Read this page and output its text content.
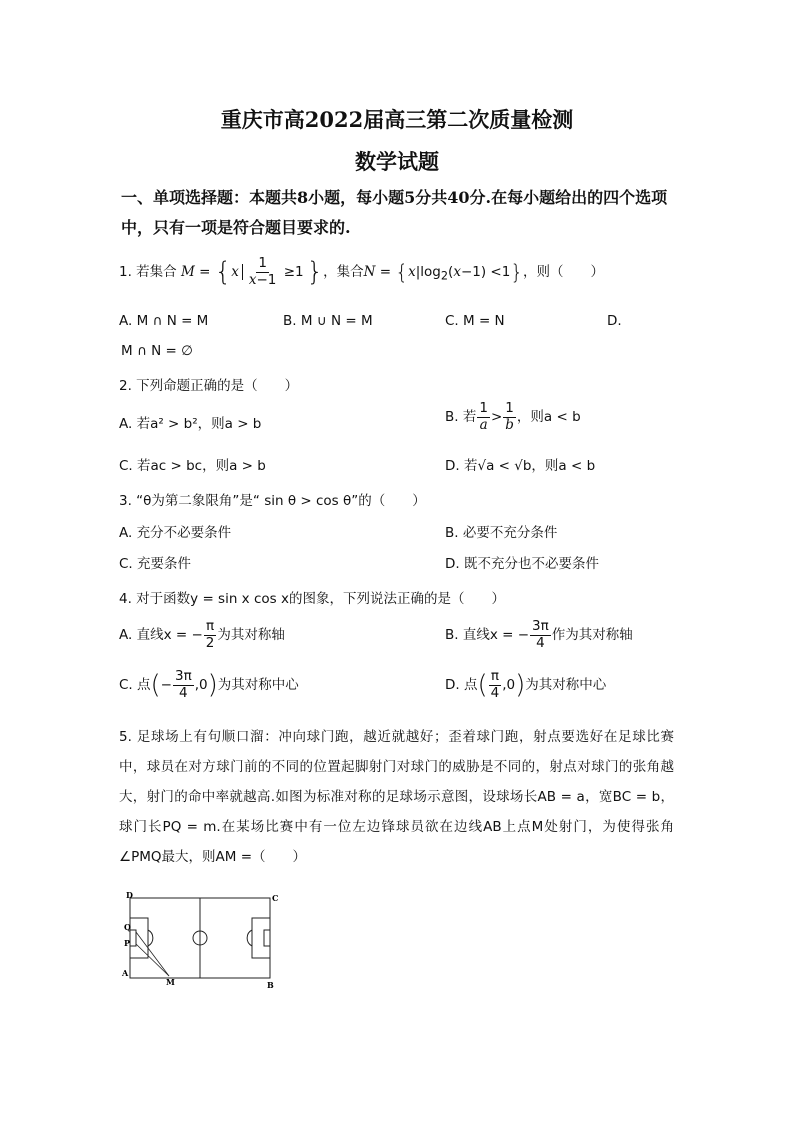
重庆市高2022届高三第二次质量检测
数学试题
一、单项选择题：本题共8小题，每小题5分共40分.在每小题给出的四个选项
中，只有一项是符合题目要求的.
1. 若集合 $M = \{x \frac{1}{x-1} \ge 1$ }，集合$N = \{x|\log_2(x-1) <1\}$，则（　　）
A. M ∩ N = M	B. M ∪ N = M	C. M = N	D.
M ∩ N = ∅
2. 下列命题正确的是（　　）
A. 若a² > b²，则a > b	B. 若 $\frac{1}{a} > \frac{1}{b}$ ，则a < b
C. 若ac > bc，则a > b	D. 若√a < √b，则a < b
3. “θ为第二象限角”是“ sin θ > cos θ”的（　　）
A. 充分不必要条件	B. 必要不充分条件
C. 充要条件	D. 既不充分也不必要条件
4. 对于函数y = sin x cos x的图象，下列说法正确的是（　　）
A. 直线x = − $\frac{\pi}{2}$ 为其对称轴	B. 直线x = − $\frac{3\pi}{4}$ 作为其对称轴
C. 点(− $\frac{3\pi}{4} ,0$)为其对称中心	D. 点( $\frac{\pi}{4} ,0$)为其对称中心
5. 足球场上有句顺口溜：冲向球门跑，越近就越好；歪着球门跑，射点要选好在足球比赛中，球员在对方球门前的不同的位置起脚射门对球门的威胁是不同的，射点对球门的张角越大，射门的命中率就越高.如图为标准对称的足球场示意图，设球场长AB = a，宽BC = b，球门长PQ = m.在某场比赛中有一位左边锋球员欲在边线AB上点M处射门，为使得张角∠PMQ最大，则AM =（　　）
D	C
Q
P
A
M	B
